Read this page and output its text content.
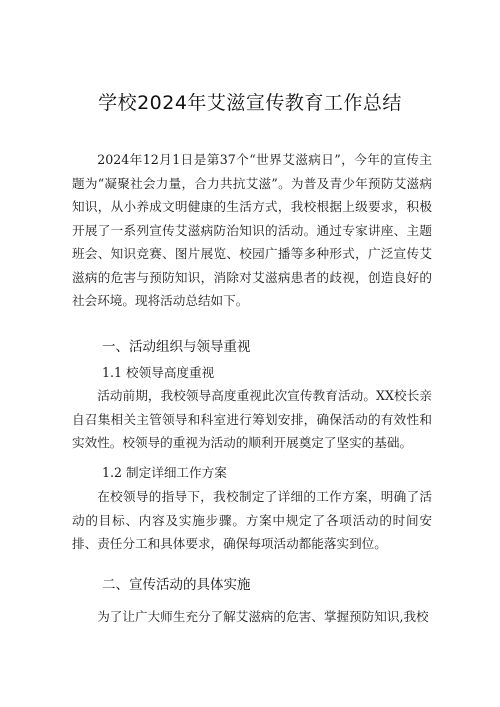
学校2024年艾滋宣传教育工作总结

2024年12月1日是第37个“世界艾滋病日”，今年的宣传主题为“凝聚社会力量，合力共抗艾滋”。为普及青少年预防艾滋病知识，从小养成文明健康的生活方式，我校根据上级要求，积极开展了一系列宣传艾滋病防治知识的活动。通过专家讲座、主题班会、知识竞赛、图片展览、校园广播等多种形式，广泛宣传艾滋病的危害与预防知识，消除对艾滋病患者的歧视，创造良好的社会环境。现将活动总结如下。

一、活动组织与领导重视
1.1 校领导高度重视

活动前期，我校领导高度重视此次宣传教育活动。XX校长亲自召集相关主管领导和科室进行筹划安排，确保活动的有效性和实效性。校领导的重视为活动的顺利开展奠定了坚实的基础。

1.2 制定详细工作方案

在校领导的指导下，我校制定了详细的工作方案，明确了活动的目标、内容及实施步骤。方案中规定了各项活动的时间安排、责任分工和具体要求，确保每项活动都能落实到位。

二、宣传活动的具体实施

为了让广大师生充分了解艾滋病的危害、掌握预防知识,我校
